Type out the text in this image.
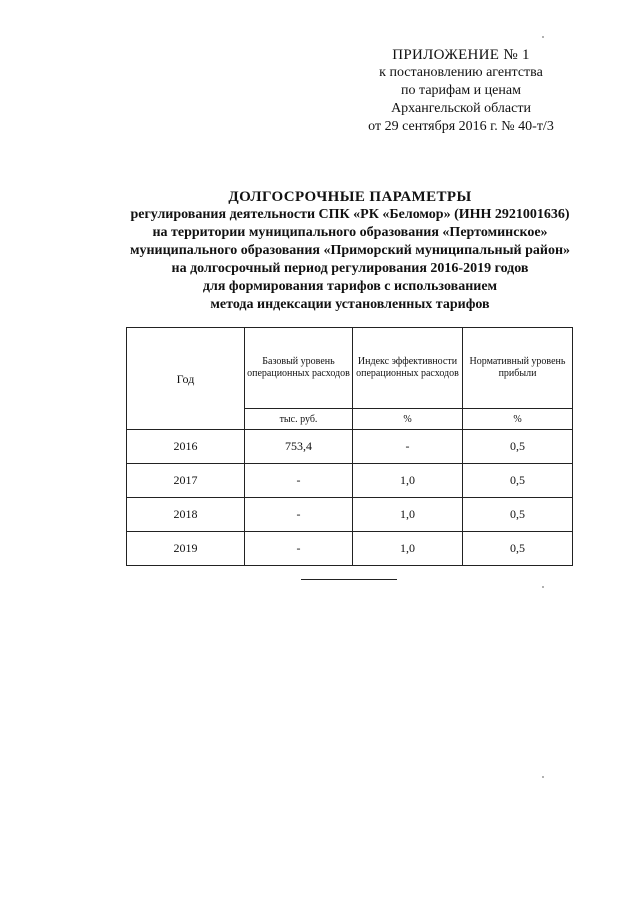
ПРИЛОЖЕНИЕ № 1
к постановлению агентства
по тарифам и ценам
Архангельской области
от 29 сентября 2016 г. № 40-т/3
ДОЛГОСРОЧНЫЕ ПАРАМЕТРЫ
регулирования деятельности СПК «РК «Беломор» (ИНН 2921001636)
на территории муниципального образования «Пертоминское»
муниципального образования «Приморский муниципальный район»
на долгосрочный период регулирования 2016-2019 годов
для формирования тарифов с использованием
метода индексации установленных тарифов
Год	Базовый уровень операционных расходов	Индекс эффективности операционных расходов	Нормативный уровень прибыли
	тыс. руб.	%	%
2016	753,4	-	0,5
2017	-	1,0	0,5
2018	-	1,0	0,5
2019	-	1,0	0,5
